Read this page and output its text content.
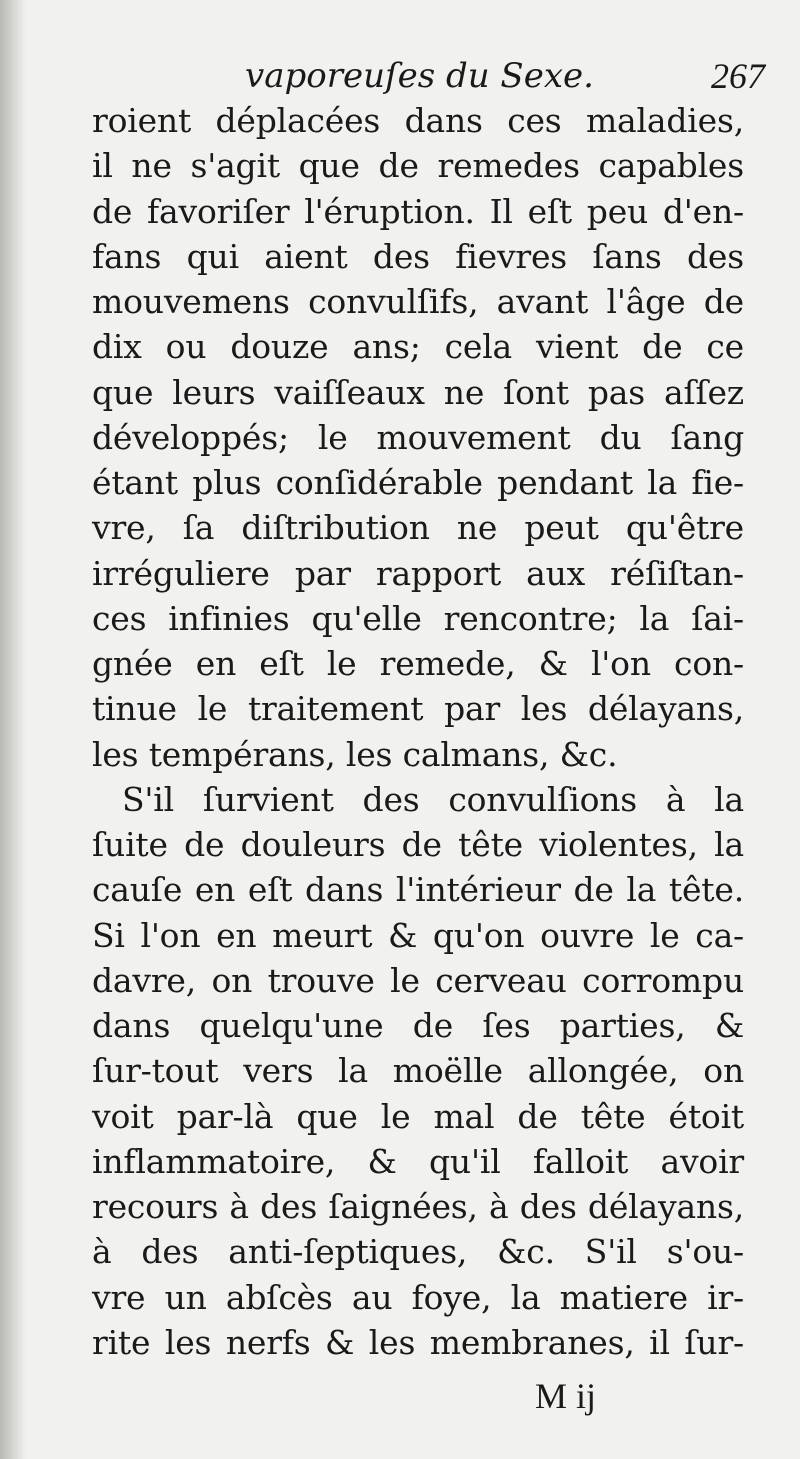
vaporeuſes du Sexe.	267
roient déplacées dans ces maladies,
il ne s'agit que de remedes capables
de favoriſer l'éruption. Il eſt peu d'en-
fans qui aient des fievres ſans des
mouvemens convulſifs, avant l'âge de
dix ou douze ans; cela vient de ce
que leurs vaiſſeaux ne ſont pas aſſez
développés; le mouvement du ſang
étant plus conſidérable pendant la fie-
vre, ſa diſtribution ne peut qu'être
irréguliere par rapport aux réſiſtan-
ces infinies qu'elle rencontre; la ſai-
gnée en eſt le remede, & l'on con-
tinue le traitement par les délayans,
les tempérans, les calmans, &c.
S'il ſurvient des convulſions à la
ſuite de douleurs de tête violentes, la
cauſe en eſt dans l'intérieur de la tête.
Si l'on en meurt & qu'on ouvre le ca-
davre, on trouve le cerveau corrompu
dans quelqu'une de ſes parties, &
ſur-tout vers la moëlle allongée, on
voit par-là que le mal de tête étoit
inflammatoire, & qu'il falloit avoir
recours à des ſaignées, à des délayans,
à des anti-ſeptiques, &c. S'il s'ou-
vre un abſcès au foye, la matiere ir-
rite les nerfs & les membranes, il ſur-
M ij
